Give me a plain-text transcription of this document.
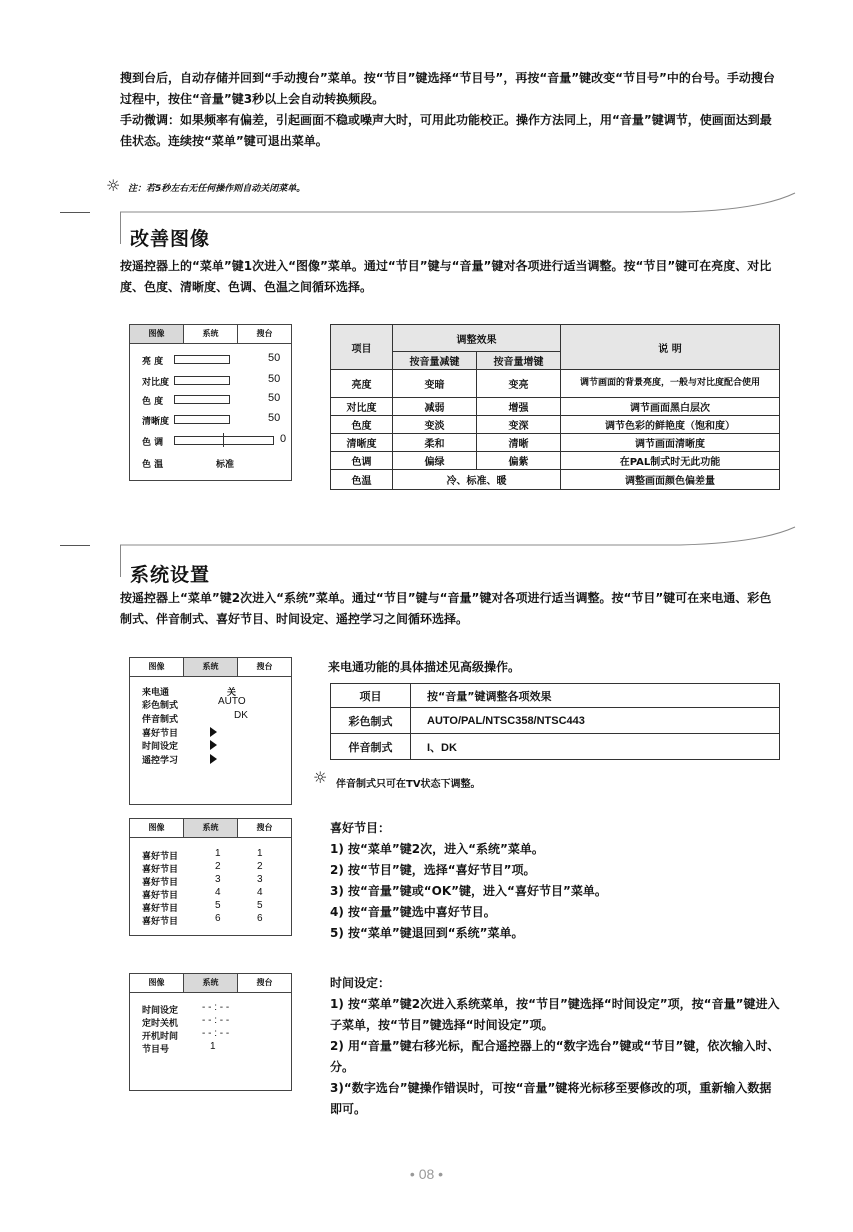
搜到台后，自动存储并回到“手动搜台”菜单。按“节目”键选择“节目号”，再按“音量”键改变“节目号”中的台号。手动搜台过程中，按住“音量”键3秒以上会自动转换频段。
手动微调：如果频率有偏差，引起画面不稳或噪声大时，可用此功能校正。操作方法同上，用“音量”键调节，使画面达到最佳状态。连续按“菜单”键可退出菜单。
☼ 注：若5秒左右无任何操作则自动关闭菜单。
改善图像
按遥控器上的“菜单”键1次进入“图像”菜单。通过“节目”键与“音量”键对各项进行适当调整。按“节目”键可在亮度、对比度、色度、清晰度、色调、色温之间循环选择。
图像	系统	搜台
亮 度	50
对比度	50
色 度	50
清晰度	50
色 调	0
色 温	标准
项目	调整效果		说 明
	按音量减键	按音量增键	
亮度	变暗	变亮	调节画面的背景亮度，一般与对比度配合使用
对比度	减弱	增强	调节画面黑白层次
色度	变淡	变深	调节色彩的鲜艳度（饱和度）
清晰度	柔和	清晰	调节画面清晰度
色调	偏绿	偏紫	在PAL制式时无此功能
色温	冷、标准、暖		调整画面颜色偏差量
系统设置
按遥控器上“菜单”键2次进入“系统”菜单。通过“节目”键与“音量”键对各项进行适当调整。按“节目”键可在来电通、彩色制式、伴音制式、喜好节目、时间设定、遥控学习之间循环选择。
图像	系统	搜台
来电通	关
彩色制式	AUTO
伴音制式	DK
喜好节目
时间设定
遥控学习
来电通功能的具体描述见高级操作。
项目	按“音量”键调整各项效果
彩色制式	AUTO/PAL/NTSC358/NTSC443
伴音制式	I、DK
☼ 伴音制式只可在TV状态下调整。
图像	系统	搜台
喜好节目	1	1
喜好节目	2	2
喜好节目	3	3
喜好节目	4	4
喜好节目	5	5
喜好节目	6	6
喜好节目：
1) 按“菜单”键2次，进入“系统”菜单。
2) 按“节目”键，选择“喜好节目”项。
3) 按“音量”键或“OK”键，进入“喜好节目”菜单。
4) 按“音量”键选中喜好节目。
5) 按“菜单”键退回到“系统”菜单。
图像	系统	搜台
时间设定 - - : - -
定时关机 - - : - -
开机时间 - - : - -
节目号	1
时间设定：
1) 按“菜单”键2次进入系统菜单，按“节目”键选择“时间设定”项，按“音量”键进入子菜单，按“节目”键选择“时间设定”项。
2) 用“音量”键右移光标，配合遥控器上的“数字选台”键或“节目”键，依次输入时、分。
3)“数字选台”键操作错误时，可按“音量”键将光标移至要修改的项，重新输入数据即可。
• 08 •
